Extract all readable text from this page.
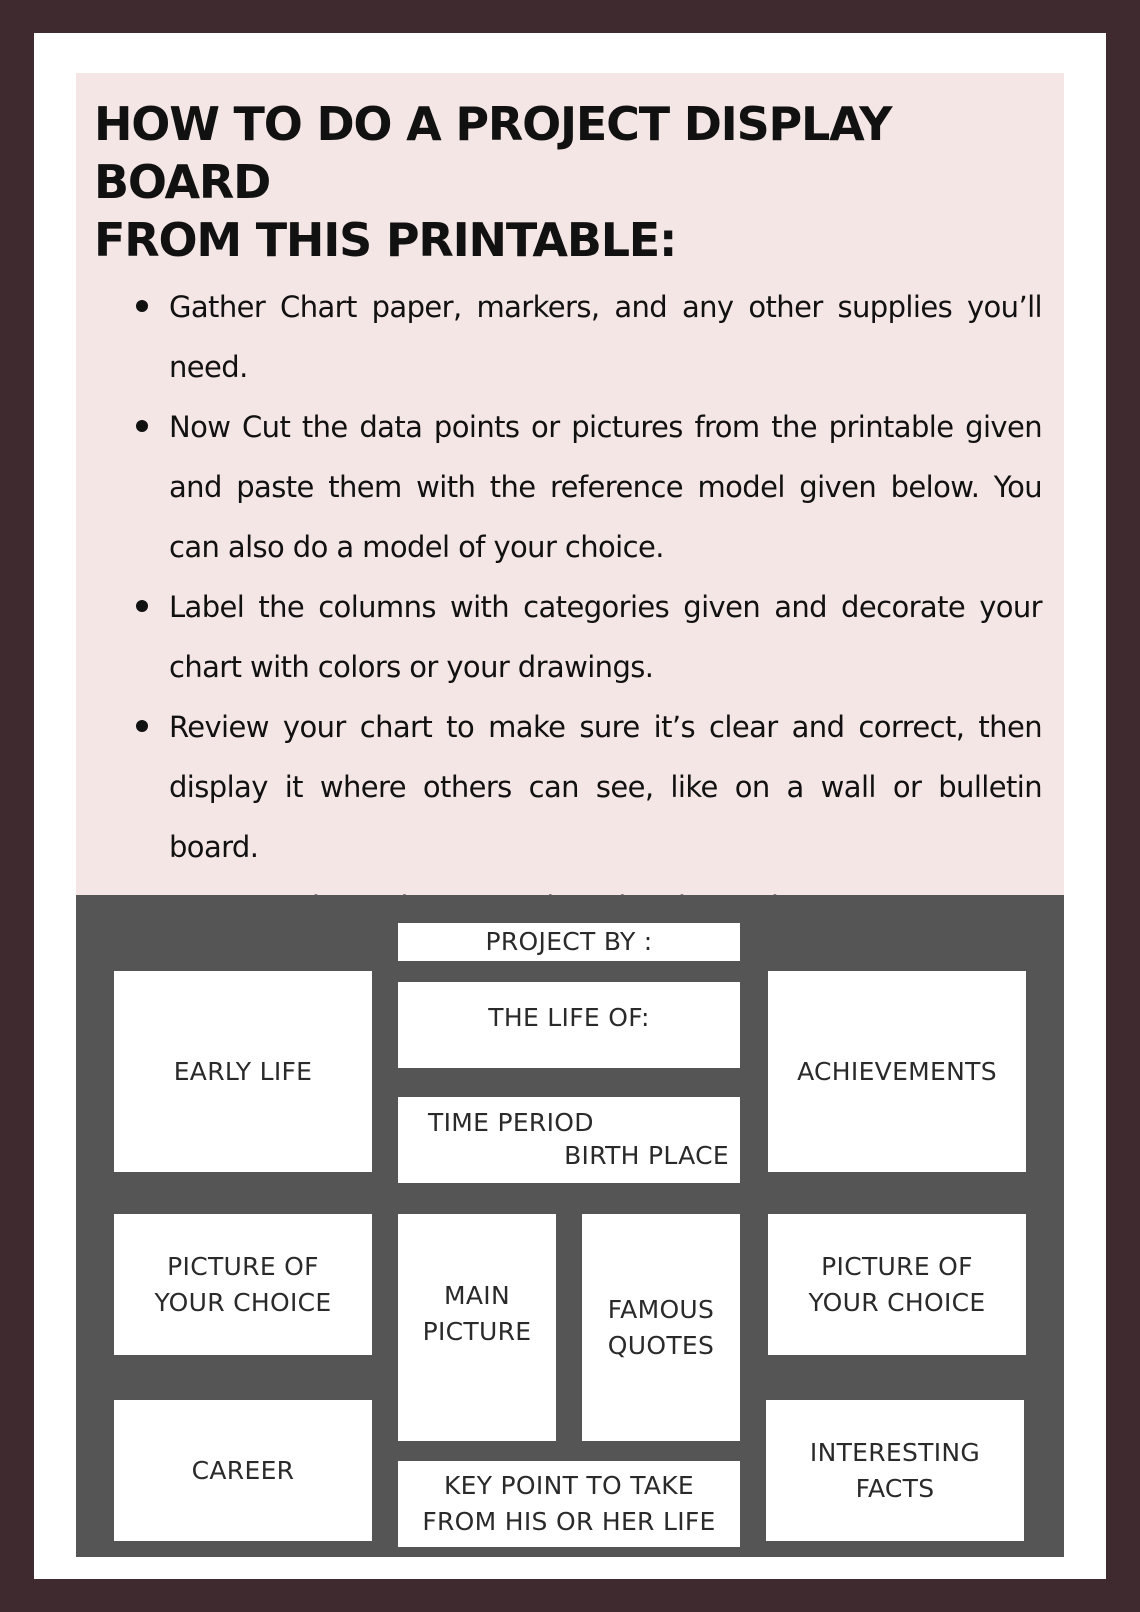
HOW TO DO A PROJECT DISPLAY BOARD
FROM THIS PRINTABLE:
Gather Chart paper, markers, and any other supplies you’ll need.
Now Cut the data points or pictures from the printable given and paste them with the reference model given below. You can also do a model of your choice.
Label the columns with categories given and decorate your chart with colors or your drawings.
Review your chart to make sure it’s clear and correct, then display it where others can see, like on a wall or bulletin board.
PROJECT BY :
THE LIFE OF:
TIME PERIOD
BIRTH PLACE
EARLY LIFE	ACHIEVEMENTS
PICTURE OF
YOUR CHOICE	MAIN
PICTURE
FAMOUS
QUOTES
PICTURE OF
YOUR CHOICE
CAREER
KEY POINT TO TAKE
FROM HIS OR HER LIFE
INTERESTING
FACTS
